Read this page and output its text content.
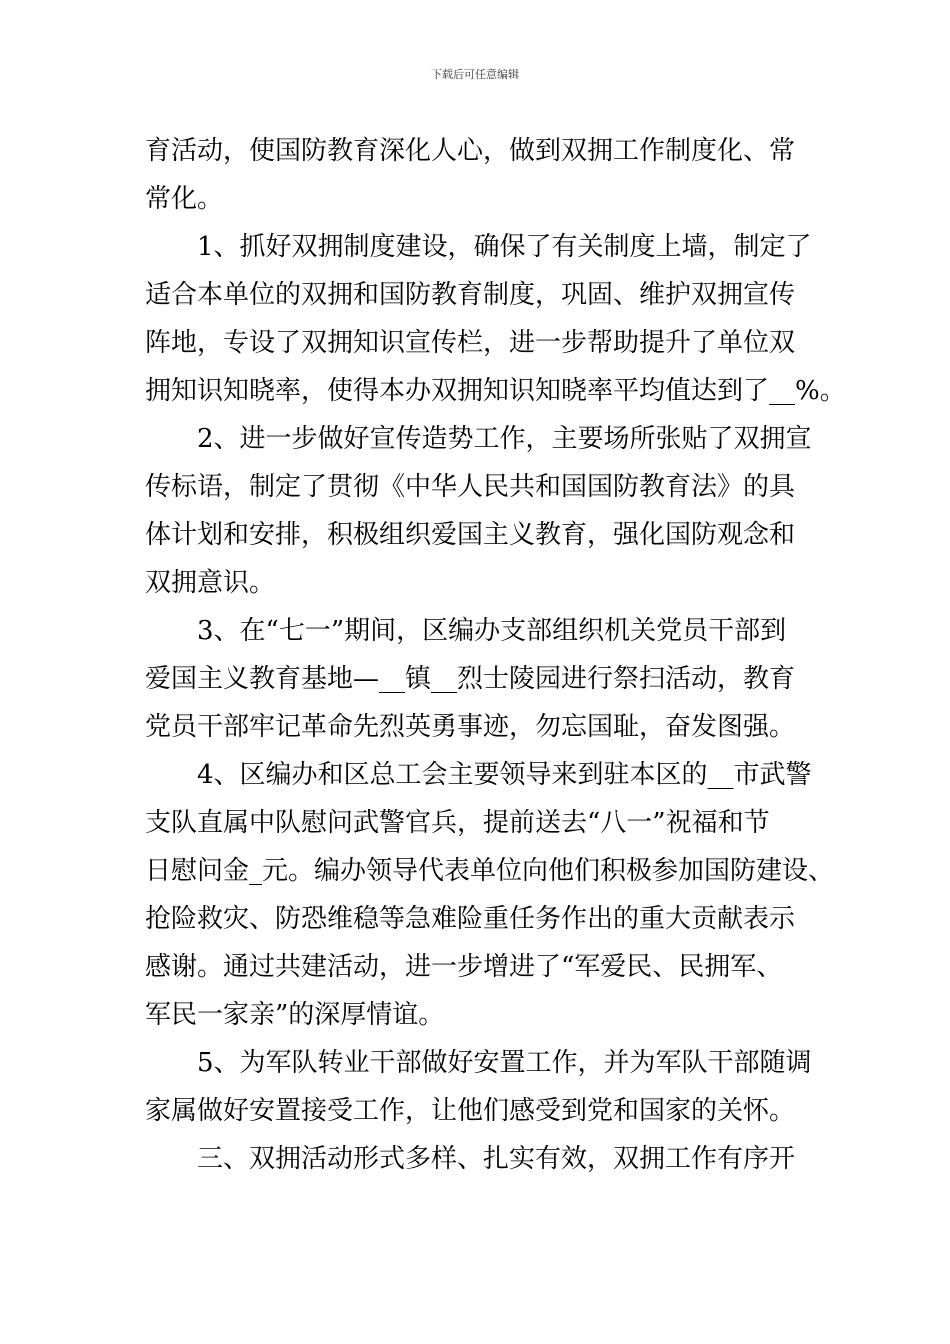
下载后可任意编辑
育活动，使国防教育深化人心，做到双拥工作制度化、常
常化。
1、抓好双拥制度建设，确保了有关制度上墙，制定了
适合本单位的双拥和国防教育制度，巩固、维护双拥宣传
阵地，专设了双拥知识宣传栏，进一步帮助提升了单位双
拥知识知晓率，使得本办双拥知识知晓率平均值达到了__%。
2、进一步做好宣传造势工作，主要场所张贴了双拥宣
传标语，制定了贯彻《中华人民共和国国防教育法》的具
体计划和安排，积极组织爱国主义教育，强化国防观念和
双拥意识。
3、在“七一”期间，区编办支部组织机关党员干部到
爱国主义教育基地—__镇__烈士陵园进行祭扫活动，教育
党员干部牢记革命先烈英勇事迹，勿忘国耻，奋发图强。
4、区编办和区总工会主要领导来到驻本区的__市武警
支队直属中队慰问武警官兵，提前送去“八一”祝福和节
日慰问金_元。编办领导代表单位向他们积极参加国防建设、
抢险救灾、防恐维稳等急难险重任务作出的重大贡献表示
感谢。通过共建活动，进一步增进了“军爱民、民拥军、
军民一家亲”的深厚情谊。
5、为军队转业干部做好安置工作，并为军队干部随调
家属做好安置接受工作，让他们感受到党和国家的关怀。
三、双拥活动形式多样、扎实有效，双拥工作有序开
